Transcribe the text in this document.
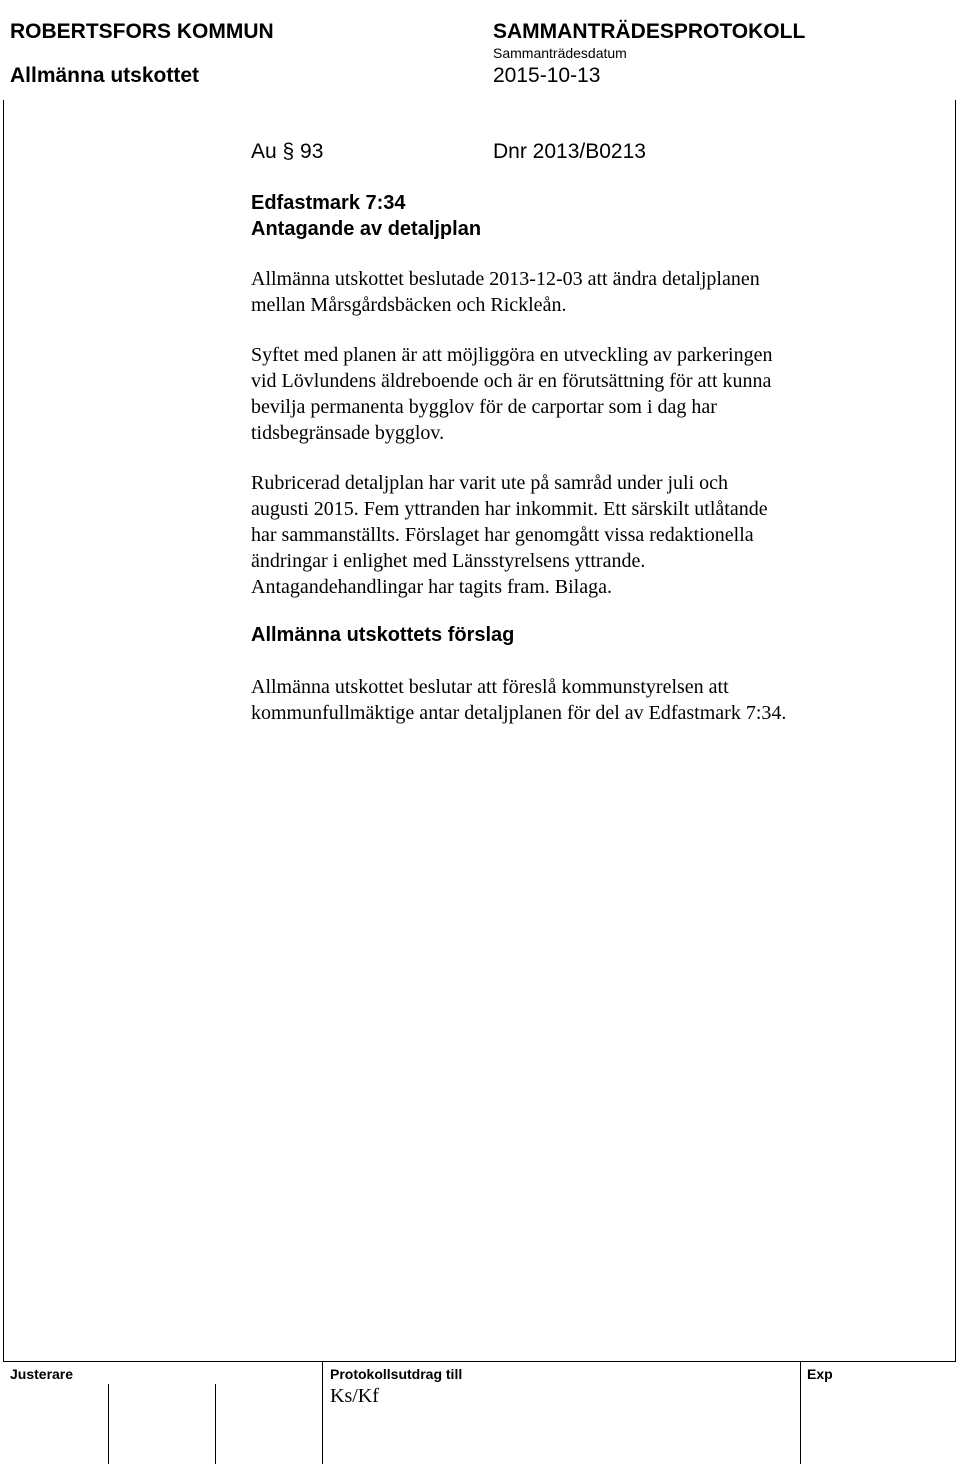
ROBERTSFORS KOMMUN	SAMMANTRÄDESPROTOKOLL
Sammanträdesdatum
Allmänna utskottet	2015-10-13
Au § 93	Dnr 2013/B0213
Edfastmark 7:34
Antagande av detaljplan

Allmänna utskottet beslutade 2013-12-03 att ändra detaljplanen

mellan Mårsgårdsbäcken och Rickleån.

Syftet med planen är att möjliggöra en utveckling av parkeringen

vid Lövlundens äldreboende och är en förutsättning för att kunna

bevilja permanenta bygglov för de carportar som i dag har

tidsbegränsade bygglov.

Rubricerad detaljplan har varit ute på samråd under juli och

augusti 2015. Fem yttranden har inkommit. Ett särskilt utlåtande

har sammanställts. Förslaget har genomgått vissa redaktionella

ändringar i enlighet med Länsstyrelsens yttrande.

Antagandehandlingar har tagits fram. Bilaga.

Allmänna utskottets förslag

Allmänna utskottet beslutar att föreslå kommunstyrelsen att

kommunfullmäktige antar detaljplanen för del av Edfastmark 7:34.

Justerare	Protokollsutdrag till	Exp
Ks/Kf
